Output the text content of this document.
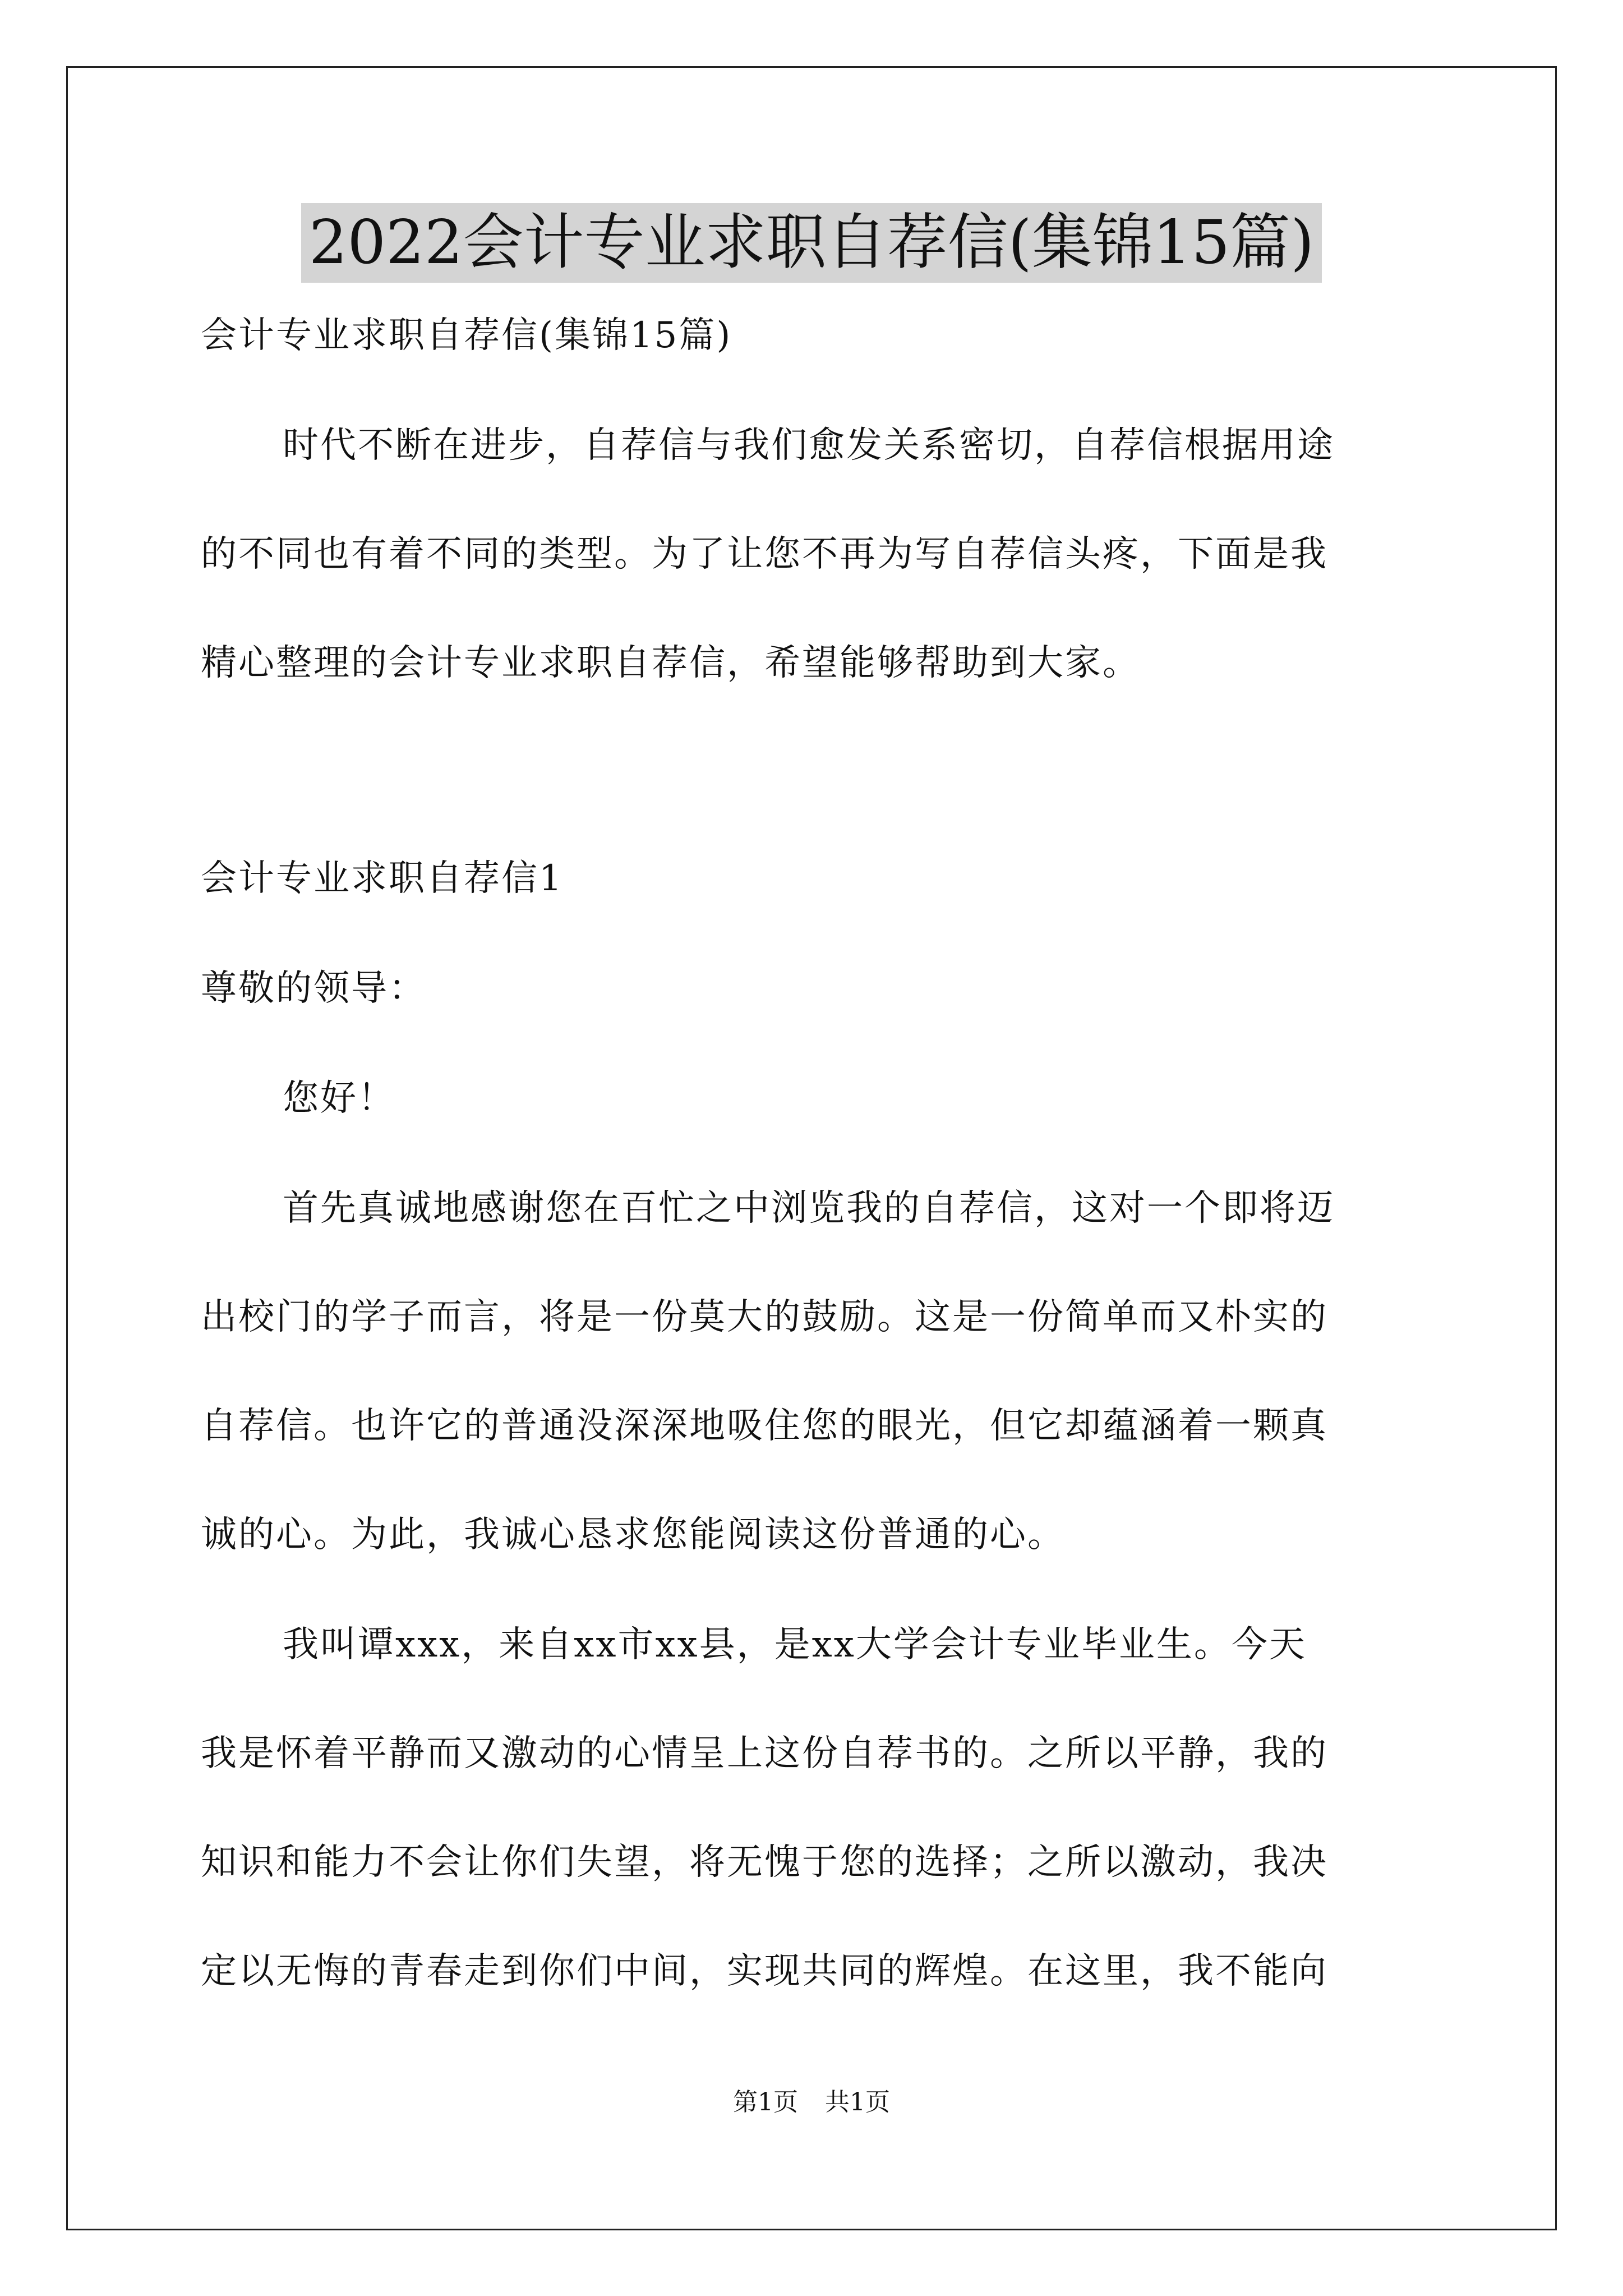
2022会计专业求职自荐信(集锦15篇)

会计专业求职自荐信(集锦15篇)

时代不断在进步，自荐信与我们愈发关系密切，自荐信根据用途

的不同也有着不同的类型。为了让您不再为写自荐信头疼，下面是我

精心整理的会计专业求职自荐信，希望能够帮助到大家。

会计专业求职自荐信1

尊敬的领导：

您好！

首先真诚地感谢您在百忙之中浏览我的自荐信，这对一个即将迈

出校门的学子而言，将是一份莫大的鼓励。这是一份简单而又朴实的

自荐信。也许它的普通没深深地吸住您的眼光，但它却蕴涵着一颗真

诚的心。为此，我诚心恳求您能阅读这份普通的心。

我叫谭xxx，来自xx市xx县，是xx大学会计专业毕业生。今天

我是怀着平静而又激动的心情呈上这份自荐书的。之所以平静，我的

知识和能力不会让你们失望，将无愧于您的选择；之所以激动，我决

定以无悔的青春走到你们中间，实现共同的辉煌。在这里，我不能向

第1页 共1页
